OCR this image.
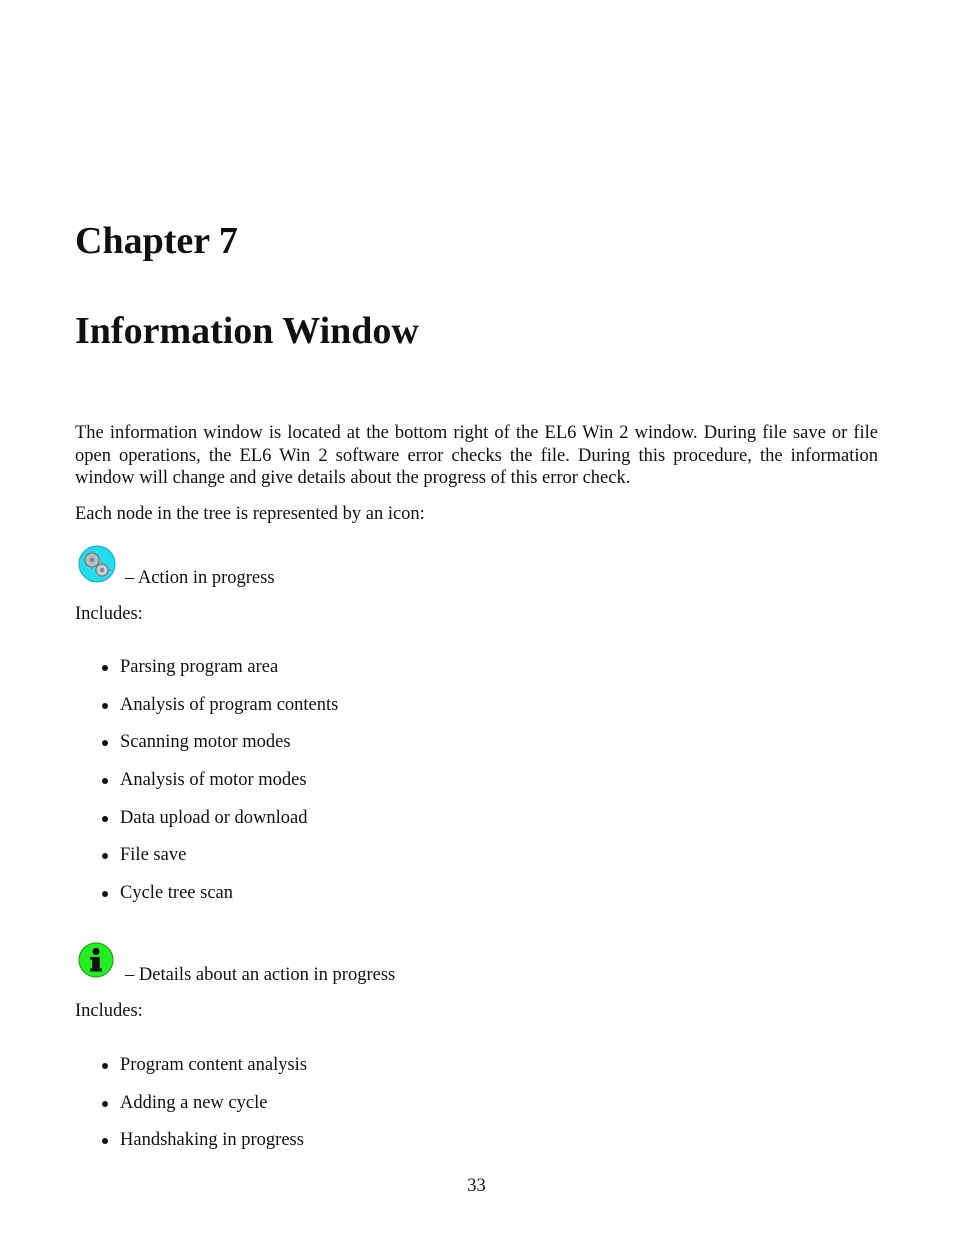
Chapter 7
Information Window

The information window is located at the bottom right of the EL6 Win 2 window. During file save or file open operations, the EL6 Win 2 software error checks the file. During this procedure, the information window will change and give details about the progress of this error check.

Each node in the tree is represented by an icon:

– Action in progress

Includes:

Parsing program area
Analysis of program contents
Scanning motor modes
Analysis of motor modes
Data upload or download
File save
Cycle tree scan
– Details about an action in progress

Includes:

Program content analysis
Adding a new cycle
Handshaking in progress
33
